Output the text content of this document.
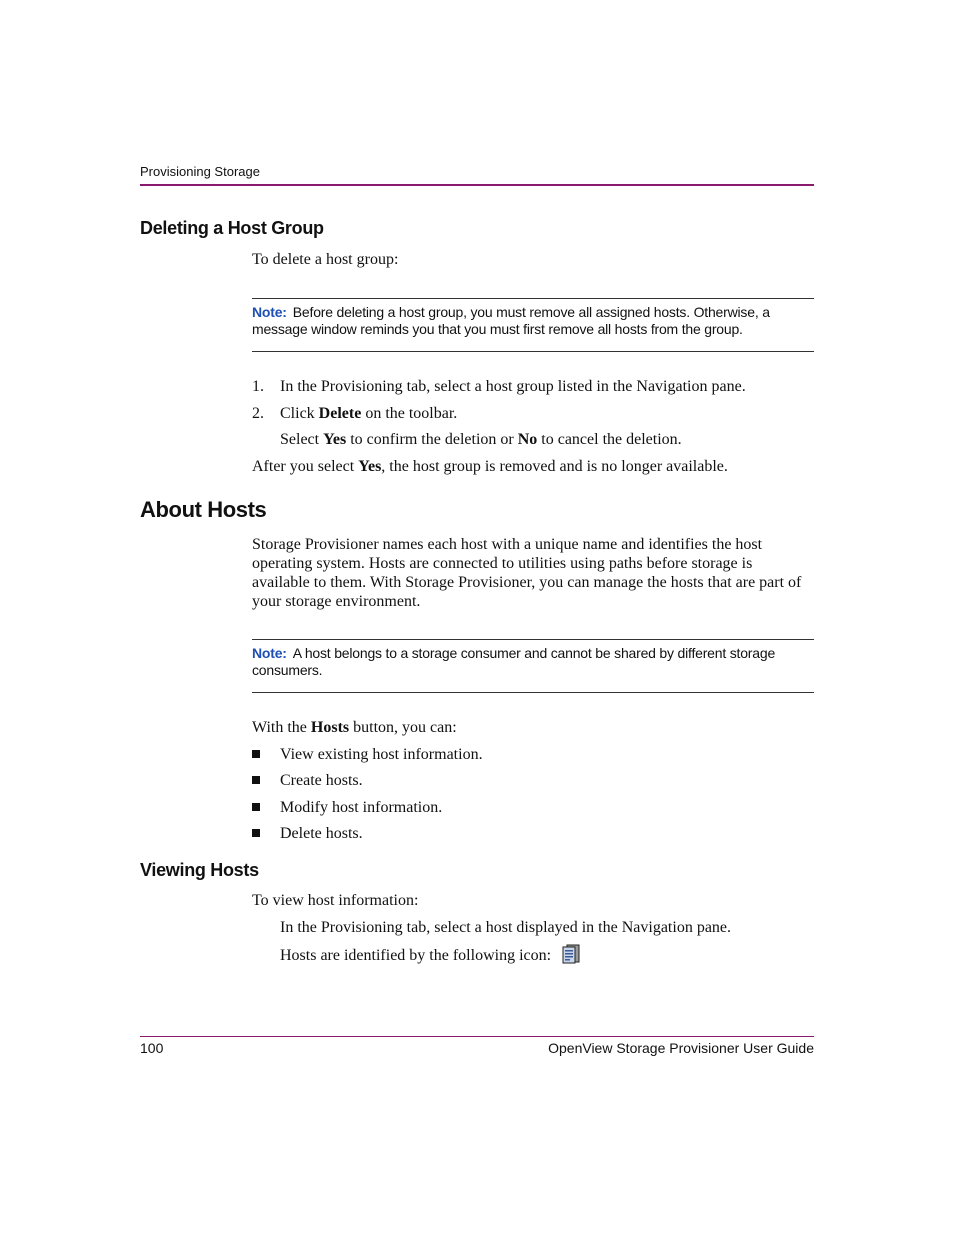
Provisioning Storage
Deleting a Host Group
To delete a host group:
Note: Before deleting a host group, you must remove all assigned hosts. Otherwise, a message window reminds you that you must first remove all hosts from the group.
1. In the Provisioning tab, select a host group listed in the Navigation pane.
2. Click Delete on the toolbar.
Select Yes to confirm the deletion or No to cancel the deletion.
After you select Yes, the host group is removed and is no longer available.
About Hosts
Storage Provisioner names each host with a unique name and identifies the host operating system. Hosts are connected to utilities using paths before storage is available to them. With Storage Provisioner, you can manage the hosts that are part of your storage environment.
Note: A host belongs to a storage consumer and cannot be shared by different storage consumers.
With the Hosts button, you can:
View existing host information.
Create hosts.
Modify host information.
Delete hosts.
Viewing Hosts
To view host information:
In the Provisioning tab, select a host displayed in the Navigation pane.
Hosts are identified by the following icon:
100	OpenView Storage Provisioner User Guide
